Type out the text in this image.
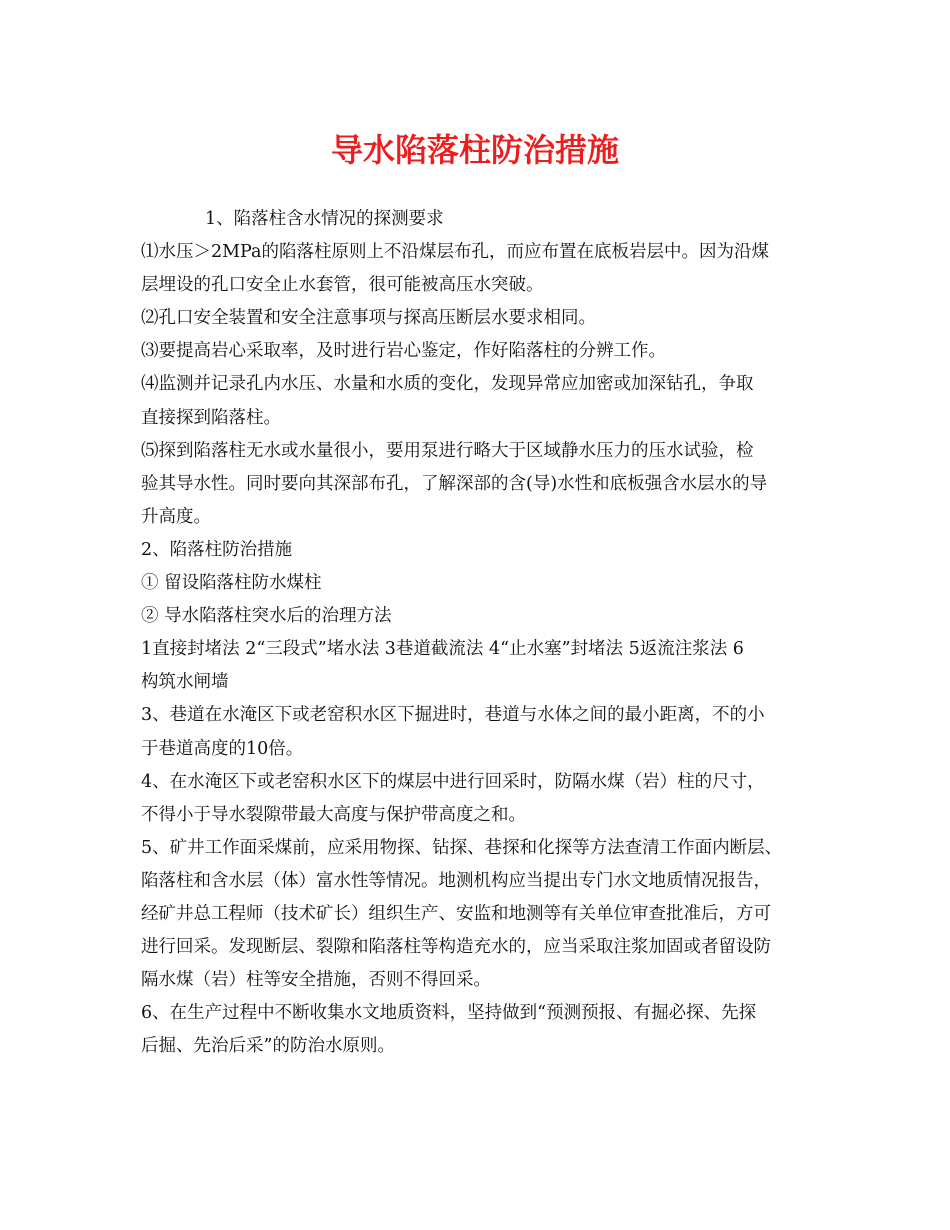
导水陷落柱防治措施
1、陷落柱含水情况的探测要求
⑴水压＞2MPa的陷落柱原则上不沿煤层布孔，而应布置在底板岩层中。因为沿煤
层埋设的孔口安全止水套管，很可能被高压水突破。
⑵孔口安全装置和安全注意事项与探高压断层水要求相同。
⑶要提高岩心采取率，及时进行岩心鉴定，作好陷落柱的分辨工作。
⑷监测并记录孔内水压、水量和水质的变化，发现异常应加密或加深钻孔，争取
直接探到陷落柱。
⑸探到陷落柱无水或水量很小，要用泵进行略大于区域静水压力的压水试验，检
验其导水性。同时要向其深部布孔，了解深部的含(导)水性和底板强含水层水的导
升高度。
2、陷落柱防治措施
① 留设陷落柱防水煤柱
② 导水陷落柱突水后的治理方法
1直接封堵法 2“三段式”堵水法 3巷道截流法 4“止水塞”封堵法 5返流注浆法 6
构筑水闸墙
3、巷道在水淹区下或老窑积水区下掘进时，巷道与水体之间的最小距离，不的小
于巷道高度的10倍。
4、在水淹区下或老窑积水区下的煤层中进行回采时，防隔水煤（岩）柱的尺寸，
不得小于导水裂隙带最大高度与保护带高度之和。
5、矿井工作面采煤前，应采用物探、钻探、巷探和化探等方法查清工作面内断层、
陷落柱和含水层（体）富水性等情况。地测机构应当提出专门水文地质情况报告，
经矿井总工程师（技术矿长）组织生产、安监和地测等有关单位审查批准后，方可
进行回采。发现断层、裂隙和陷落柱等构造充水的，应当采取注浆加固或者留设防
隔水煤（岩）柱等安全措施，否则不得回采。
6、在生产过程中不断收集水文地质资料，坚持做到“预测预报、有掘必探、先探
后掘、先治后采”的防治水原则。
